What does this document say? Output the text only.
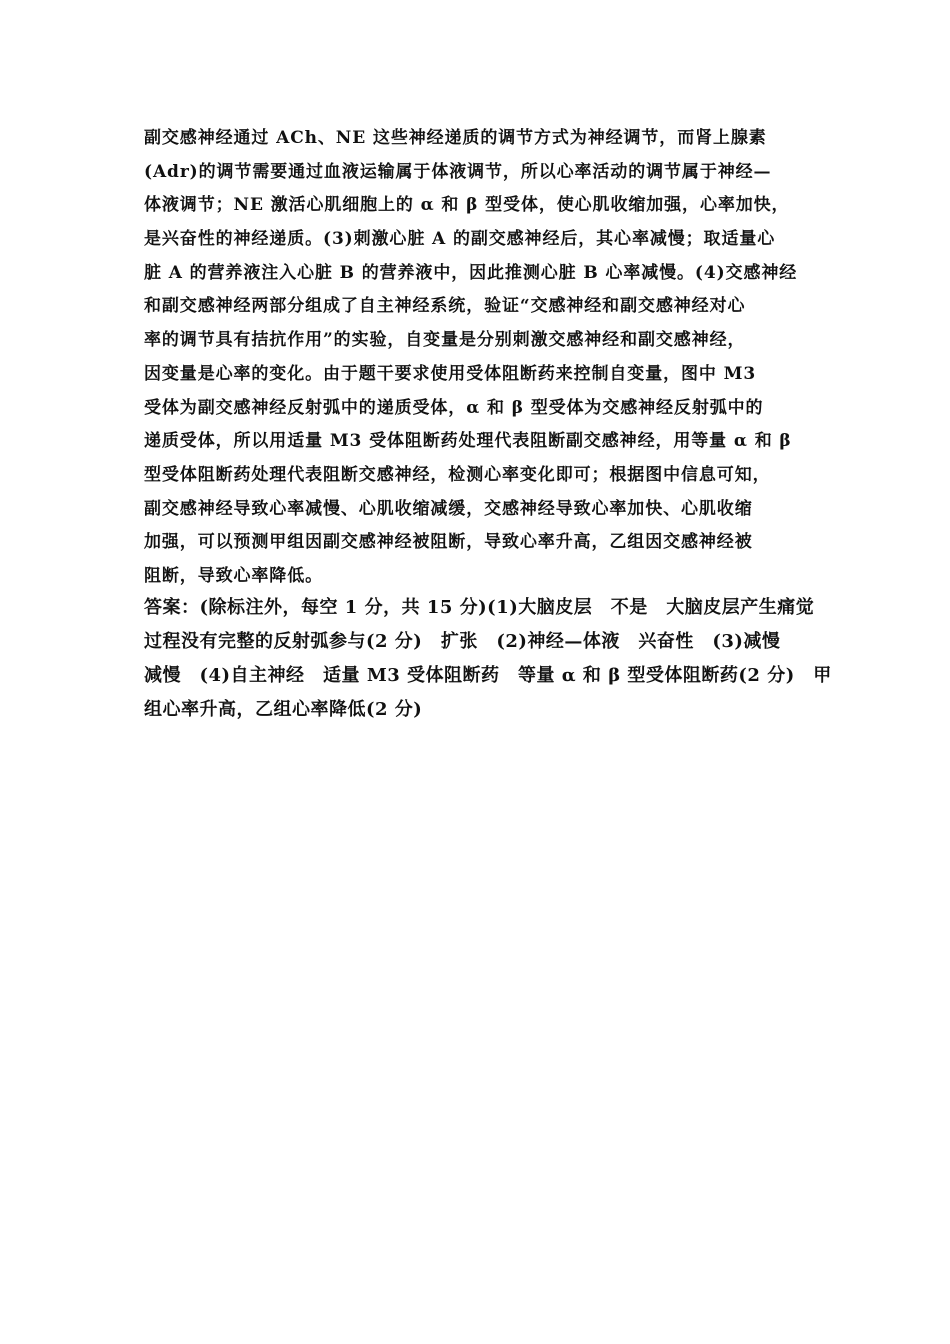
副交感神经通过 ACh、NE 这些神经递质的调节方式为神经调节，而肾上腺素
(Adr)的调节需要通过血液运输属于体液调节，所以心率活动的调节属于神经—
体液调节；NE 激活心肌细胞上的 α 和 β 型受体，使心肌收缩加强，心率加快，
是兴奋性的神经递质。(3)刺激心脏 A 的副交感神经后，其心率减慢；取适量心
脏 A 的营养液注入心脏 B 的营养液中，因此推测心脏 B 心率减慢。(4)交感神经
和副交感神经两部分组成了自主神经系统，验证“交感神经和副交感神经对心
率的调节具有拮抗作用”的实验，自变量是分别刺激交感神经和副交感神经，
因变量是心率的变化。由于题干要求使用受体阻断药来控制自变量，图中 M3
受体为副交感神经反射弧中的递质受体，α 和 β 型受体为交感神经反射弧中的
递质受体，所以用适量 M3 受体阻断药处理代表阻断副交感神经，用等量 α 和 β
型受体阻断药处理代表阻断交感神经，检测心率变化即可；根据图中信息可知，
副交感神经导致心率减慢、心肌收缩减缓，交感神经导致心率加快、心肌收缩
加强，可以预测甲组因副交感神经被阻断，导致心率升高，乙组因交感神经被
阻断，导致心率降低。
答案：(除标注外，每空 1 分，共 15 分)(1)大脑皮层　不是　大脑皮层产生痛觉
过程没有完整的反射弧参与(2 分)　扩张　(2)神经—体液　兴奋性　(3)减慢
减慢　(4)自主神经　适量 M3 受体阻断药　等量 α 和 β 型受体阻断药(2 分)　甲
组心率升高，乙组心率降低(2 分)
